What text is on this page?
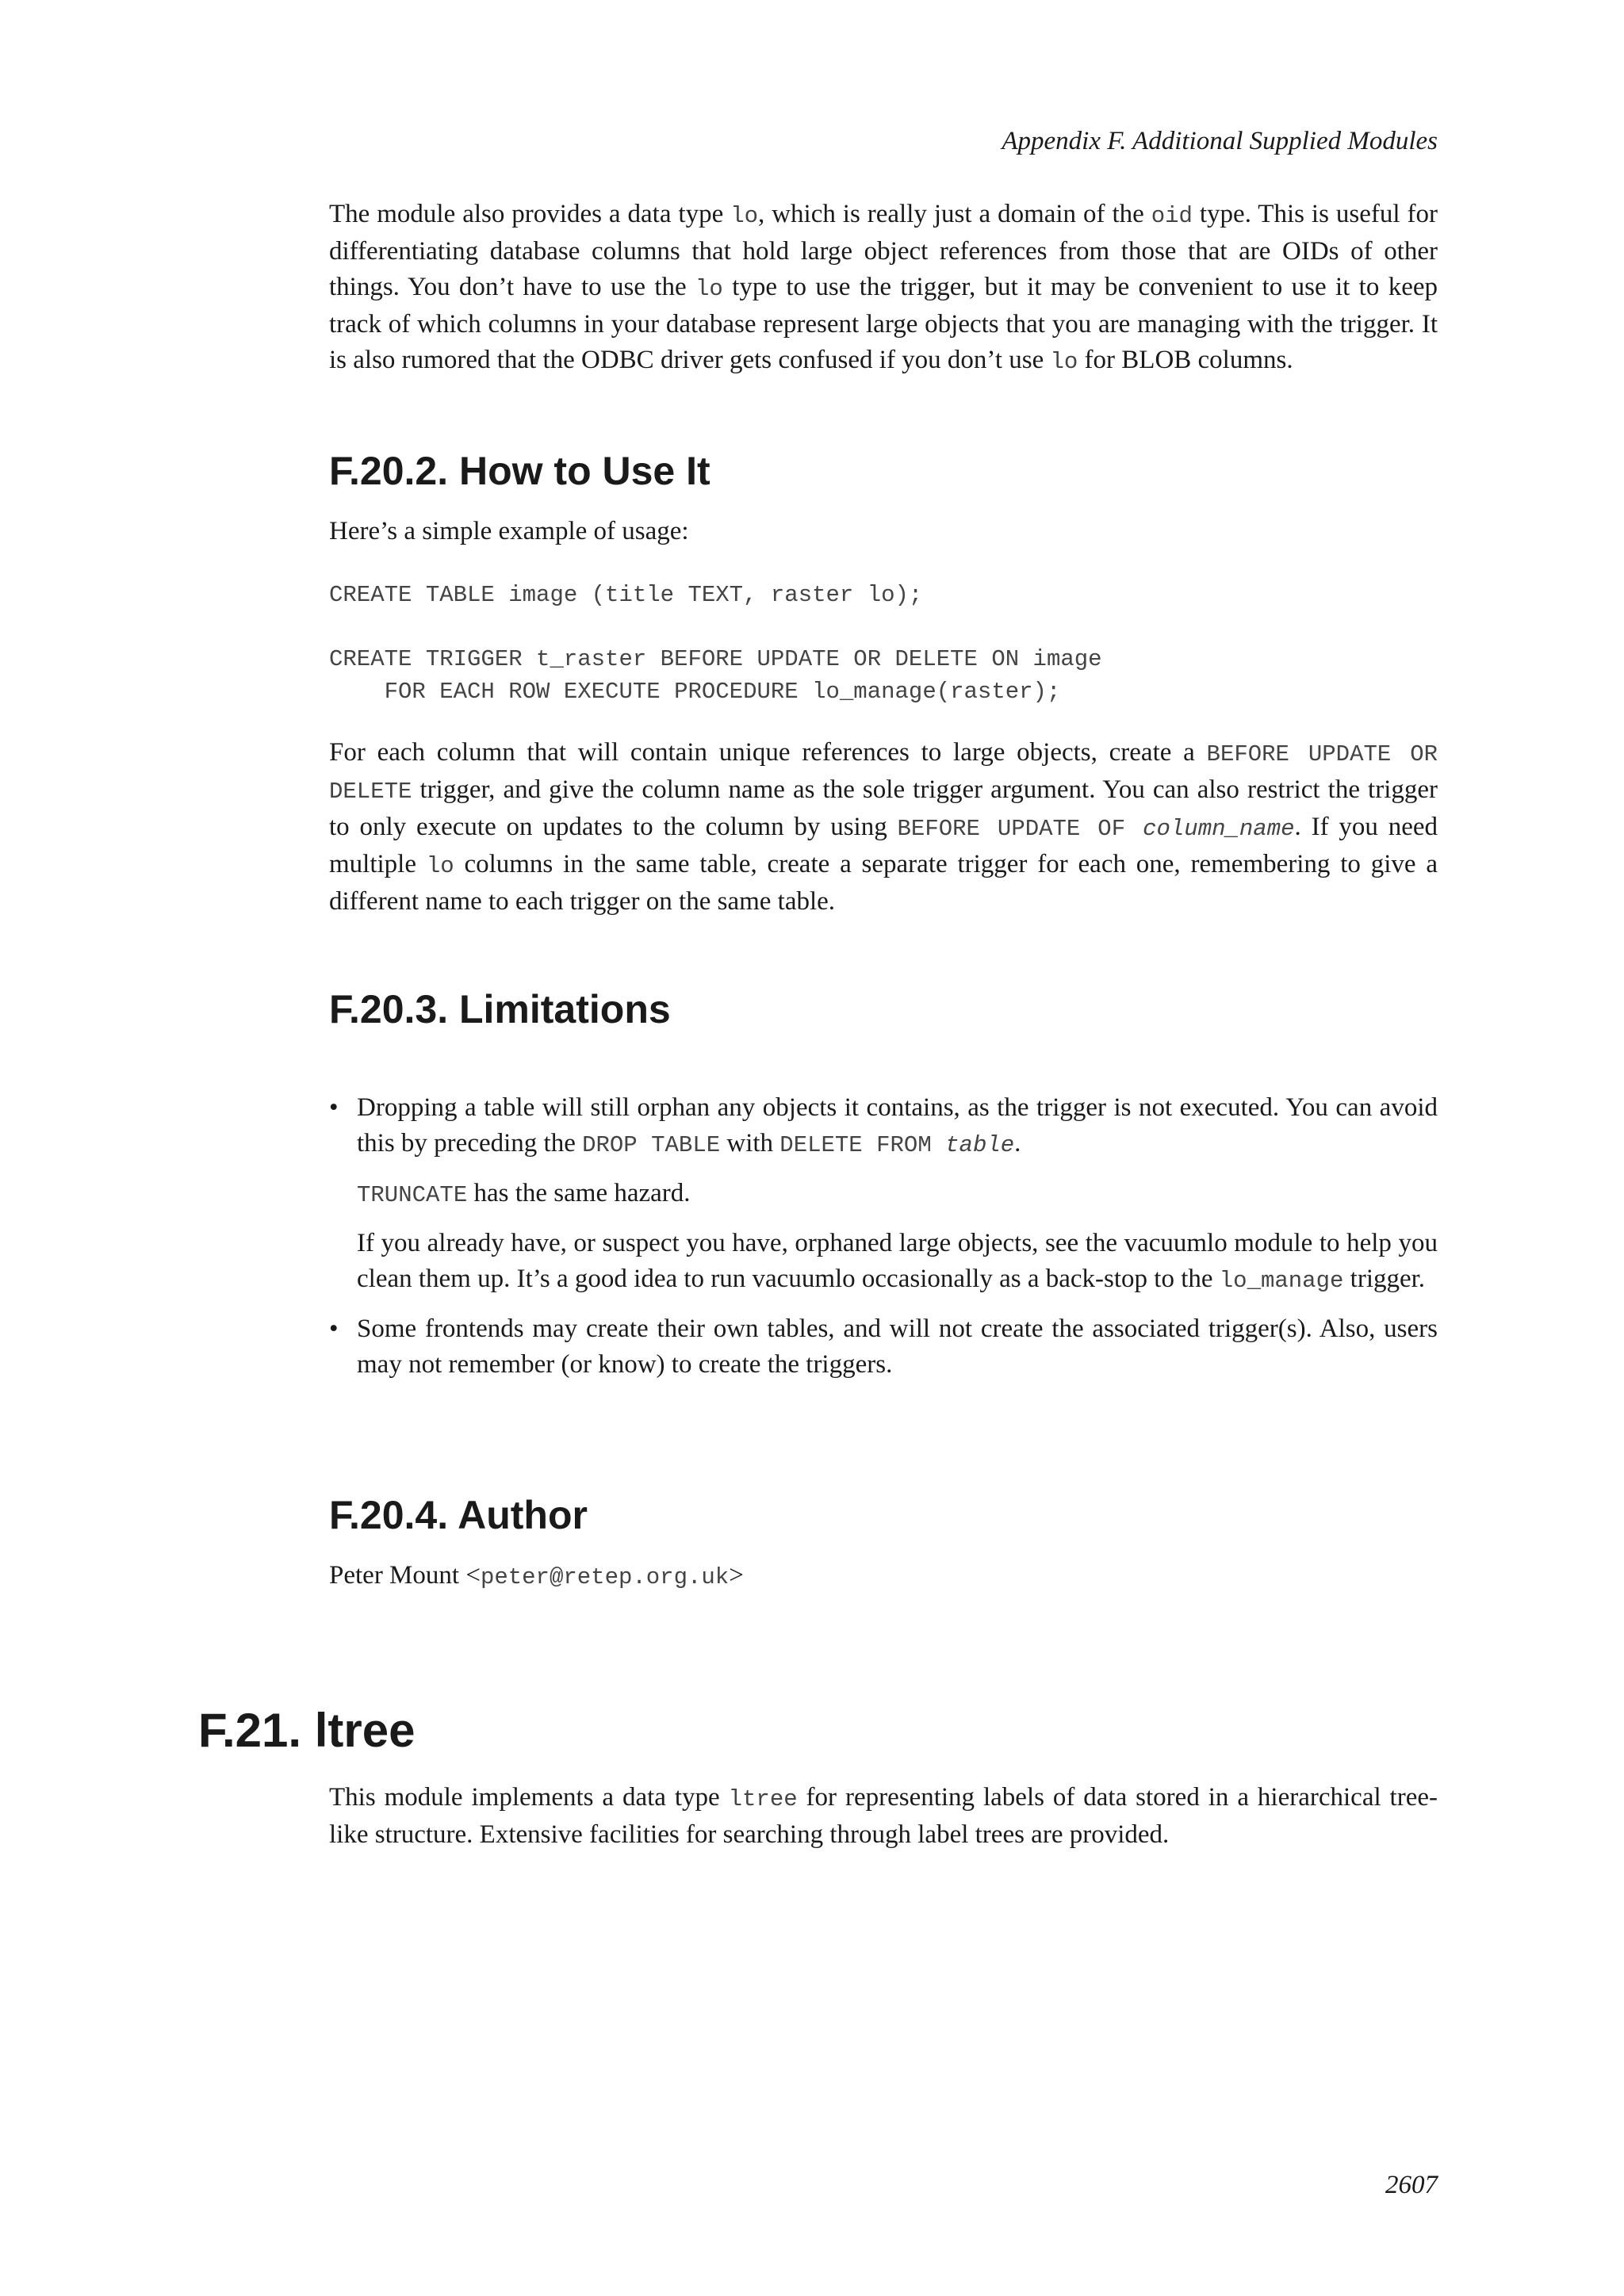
Appendix F. Additional Supplied Modules

The module also provides a data type lo, which is really just a domain of the oid type. This is useful for differentiating database columns that hold large object references from those that are OIDs of other things. You don’t have to use the lo type to use the trigger, but it may be convenient to use it to keep track of which columns in your database represent large objects that you are managing with the trigger. It is also rumored that the ODBC driver gets confused if you don’t use lo for BLOB columns.

F.20.2. How to Use It

Here’s a simple example of usage:

CREATE TABLE image (title TEXT, raster lo);
CREATE TRIGGER t_raster BEFORE UPDATE OR DELETE ON image
FOR EACH ROW EXECUTE PROCEDURE lo_manage(raster);

For each column that will contain unique references to large objects, create a BEFORE UPDATE OR DELETE trigger, and give the column name as the sole trigger argument. You can also restrict the trigger to only execute on updates to the column by using BEFORE UPDATE OF column_name. If you need multiple lo columns in the same table, create a separate trigger for each one, remembering to give a different name to each trigger on the same table.

F.20.3. Limitations
• Dropping a table will still orphan any objects it contains, as the trigger is not executed. You can avoid this by preceding the DROP TABLE with DELETE FROM table.

TRUNCATE has the same hazard.

If you already have, or suspect you have, orphaned large objects, see the vacuumlo module to help you clean them up. It’s a good idea to run vacuumlo occasionally as a back-stop to the lo_manage trigger.

• Some frontends may create their own tables, and will not create the associated trigger(s). Also, users may not remember (or know) to create the triggers.

F.20.4. Author

Peter Mount <peter@retep.org.uk>

F.21. ltree

This module implements a data type ltree for representing labels of data stored in a hierarchical tree-like structure. Extensive facilities for searching through label trees are provided.

2607
